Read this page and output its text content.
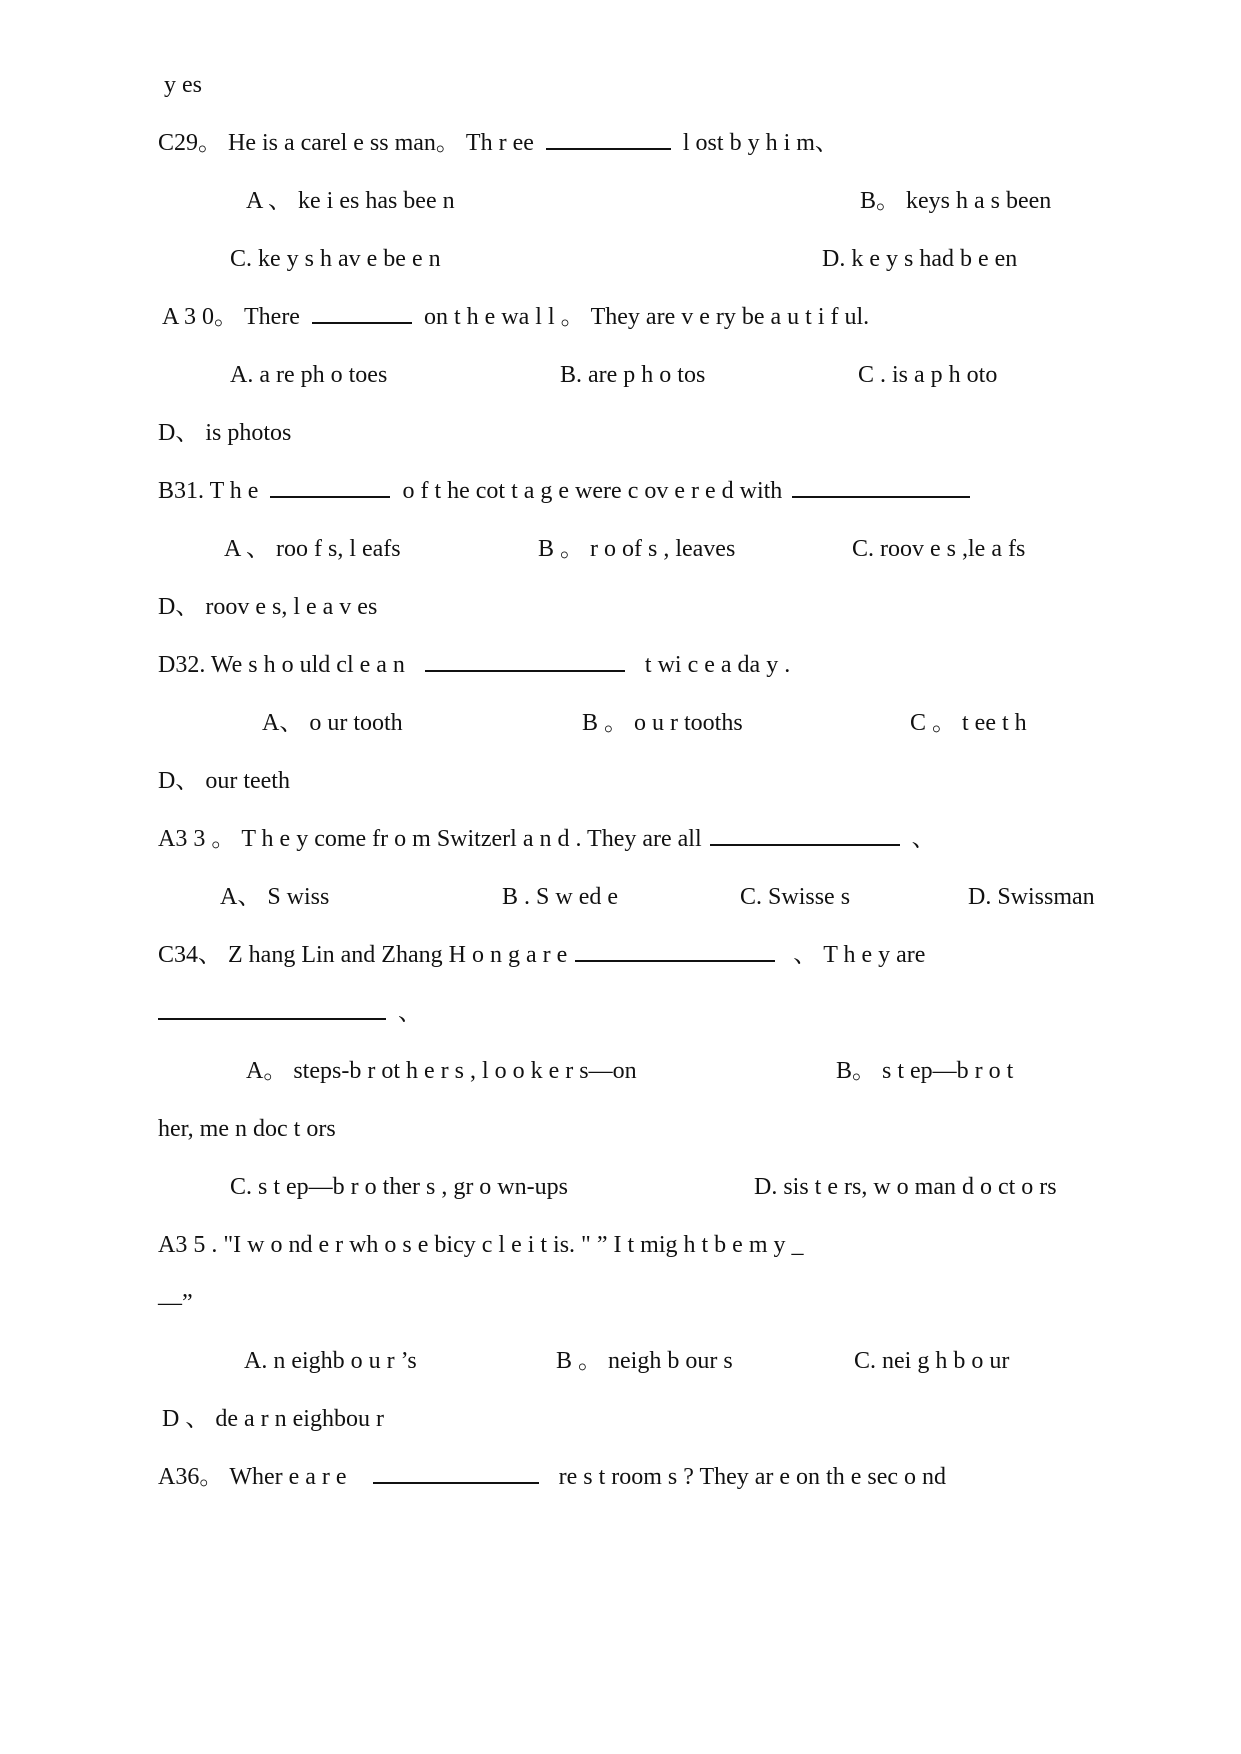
y es
C29。 He is a carel e ss man。 Th r ee	l ost b y h i m、
A 、 ke i es has bee n	B。 keys h a s been
C. ke y s h av e be e n	D. k e y s had b e en
A 3 0。 There	on t h e wa l l 。 They are v e ry be a u t i f ul.
A. a re ph o toes	B. are p h o tos	C . is a p h oto
D、 is photos
B31. T h e	o f t he cot t a g e were c ov e r e d with
A 、 roo f s, l eafs	B 。 r o of s , leaves	C. roov e s ,le a fs
D、 roov e s, l e a v es
D32. We s h o uld cl e a n	t wi c e a da y .
A、 o ur tooth	B 。 o u r tooths	C 。 t ee t h
D、 our teeth
A3 3 。 T h e y come fr o m Switzerl a n d . They are all	、
A、 S wiss	B . S w ed e	C. Swisse s	D. Swissman
C34、 Z hang Lin and Zhang H o n g a r e	、 T h e y are
、
A。 steps-b r ot h e r s , l o o k e r s—on	B。 s t ep—b r o t
her, me n doc t ors
C. s t ep—b r o ther s , gr o wn-ups	D. sis t e rs, w o man d o ct o rs
A3 5 . "I w o nd e r wh o s e bicy c l e i t is. " ” I t mig h t b e m y _
—”
A. n eighb o u r ’s	B 。 neigh b our s	C. nei g h b o ur
D 、 de a r n eighbou r
A36。 Wher e a r e	re s t room s ? They ar e on th e sec o nd
